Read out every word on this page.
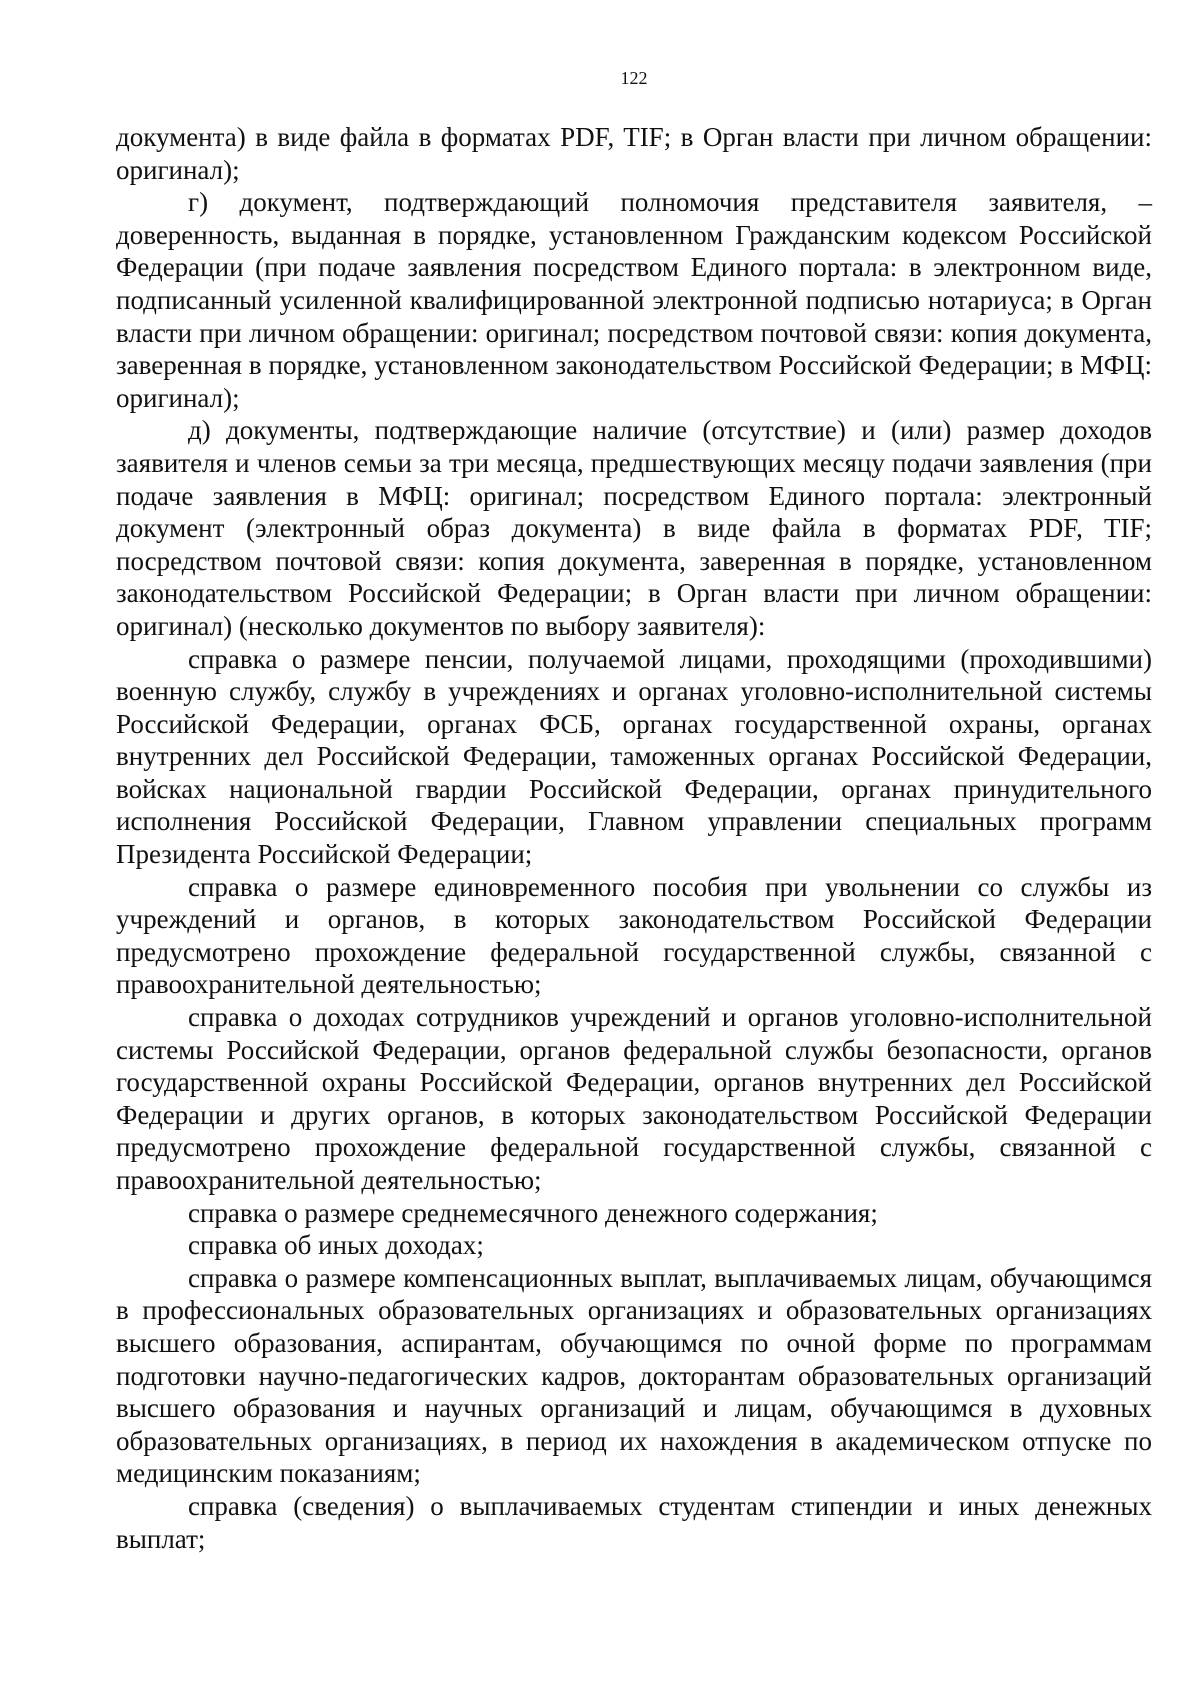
122

документа) в виде файла в форматах PDF, TIF; в Орган власти при личном обращении: оригинал);

г) документ, подтверждающий полномочия представителя заявителя, – доверенность, выданная в порядке, установленном Гражданским кодексом Российской Федерации (при подаче заявления посредством Единого портала: в электронном виде, подписанный усиленной квалифицированной электронной подписью нотариуса; в Орган власти при личном обращении: оригинал; посредством почтовой связи: копия документа, заверенная в порядке, установленном законодательством Российской Федерации; в МФЦ: оригинал);

д) документы, подтверждающие наличие (отсутствие) и (или) размер доходов заявителя и членов семьи за три месяца, предшествующих месяцу подачи заявления (при подаче заявления в МФЦ: оригинал; посредством Единого портала: электронный документ (электронный образ документа) в виде файла в форматах PDF, TIF; посредством почтовой связи: копия документа, заверенная в порядке, установленном законодательством Российской Федерации; в Орган власти при личном обращении: оригинал) (несколько документов по выбору заявителя):

справка о размере пенсии, получаемой лицами, проходящими (проходившими) военную службу, службу в учреждениях и органах уголовно-исполнительной системы Российской Федерации, органах ФСБ, органах государственной охраны, органах внутренних дел Российской Федерации, таможенных органах Российской Федерации, войсках национальной гвардии Российской Федерации, органах принудительного исполнения Российской Федерации, Главном управлении специальных программ Президента Российской Федерации;

справка о размере единовременного пособия при увольнении со службы из учреждений и органов, в которых законодательством Российской Федерации предусмотрено прохождение федеральной государственной службы, связанной с правоохранительной деятельностью;

справка о доходах сотрудников учреждений и органов уголовно-исполнительной системы Российской Федерации, органов федеральной службы безопасности, органов государственной охраны Российской Федерации, органов внутренних дел Российской Федерации и других органов, в которых законодательством Российской Федерации предусмотрено прохождение федеральной государственной службы, связанной с правоохранительной деятельностью;

справка о размере среднемесячного денежного содержания;

справка об иных доходах;

справка о размере компенсационных выплат, выплачиваемых лицам, обучающимся в профессиональных образовательных организациях и образовательных организациях высшего образования, аспирантам, обучающимся по очной форме по программам подготовки научно-педагогических кадров, докторантам образовательных организаций высшего образования и научных организаций и лицам, обучающимся в духовных образовательных организациях, в период их нахождения в академическом отпуске по медицинским показаниям;

справка (сведения) о выплачиваемых студентам стипендии и иных денежных выплат;
